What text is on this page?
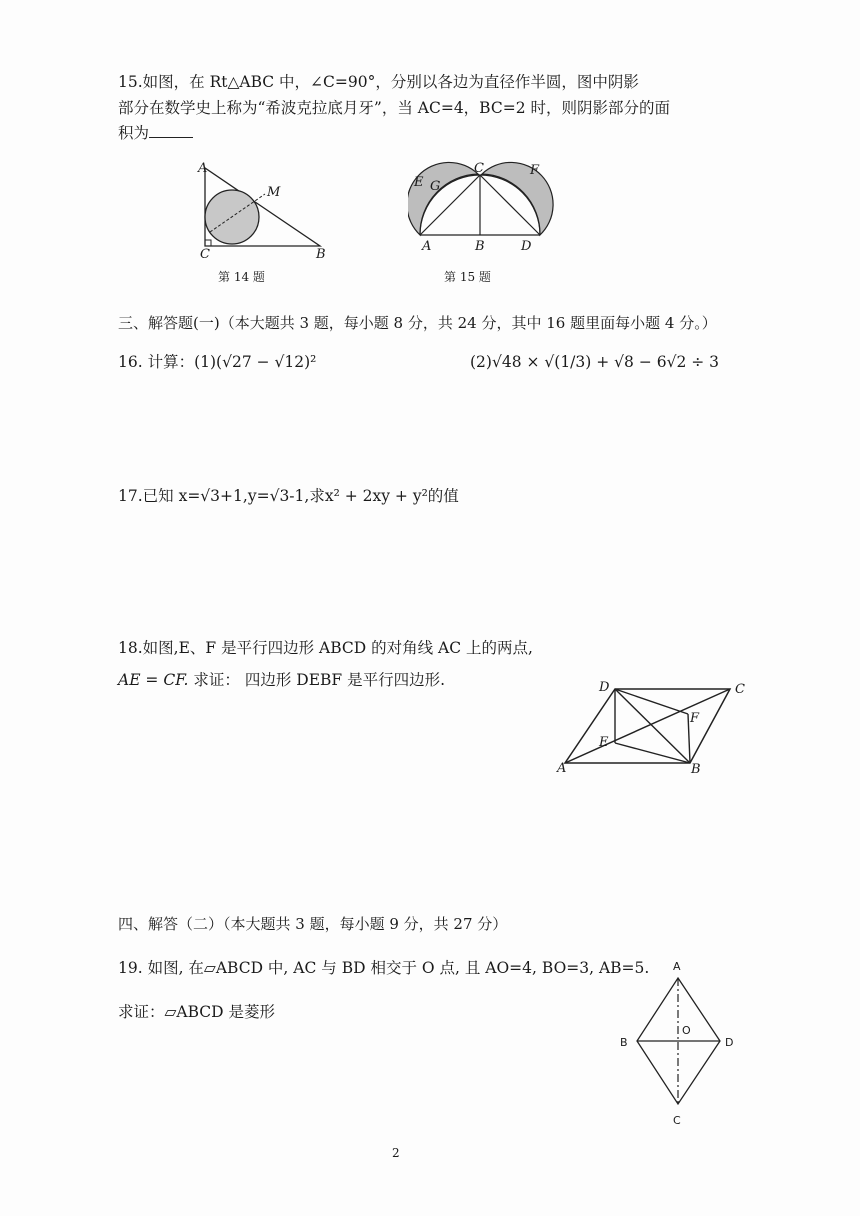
15.如图，在 Rt△ABC 中，∠C=90°，分别以各边为直径作半圆，图中阴影
部分在数学史上称为“希波克拉底月牙”，当 AC=4，BC=2 时，则阴影部分的面
积为
A
M
C	B
第 14 题
E G
C	F
A	B	D
第 15 题
三、解答题(一)（本大题共 3 题，每小题 8 分，共 24 分，其中 16 题里面每小题 4 分。）
16. 计算：(1)(√27 − √12)²	(2)√48 × √(1/3) + √8 − 6√2 ÷ 3
17.已知 x=√3+1,y=√3-1,求x² + 2xy + y²的值
18.如图,E、F 是平行四边形 ABCD 的对角线 AC 上的两点,
AE = CF. 求证： 四边形 DEBF 是平行四边形.	D	C
F
E
A	B
四、解答（二）（本大题共 3 题，每小题 9 分，共 27 分）
19. 如图, 在▱ABCD 中, AC 与 BD 相交于 O 点, 且 AO=4, BO=3, AB=5.
求证：▱ABCD 是菱形
A
B
O
D
C
2
